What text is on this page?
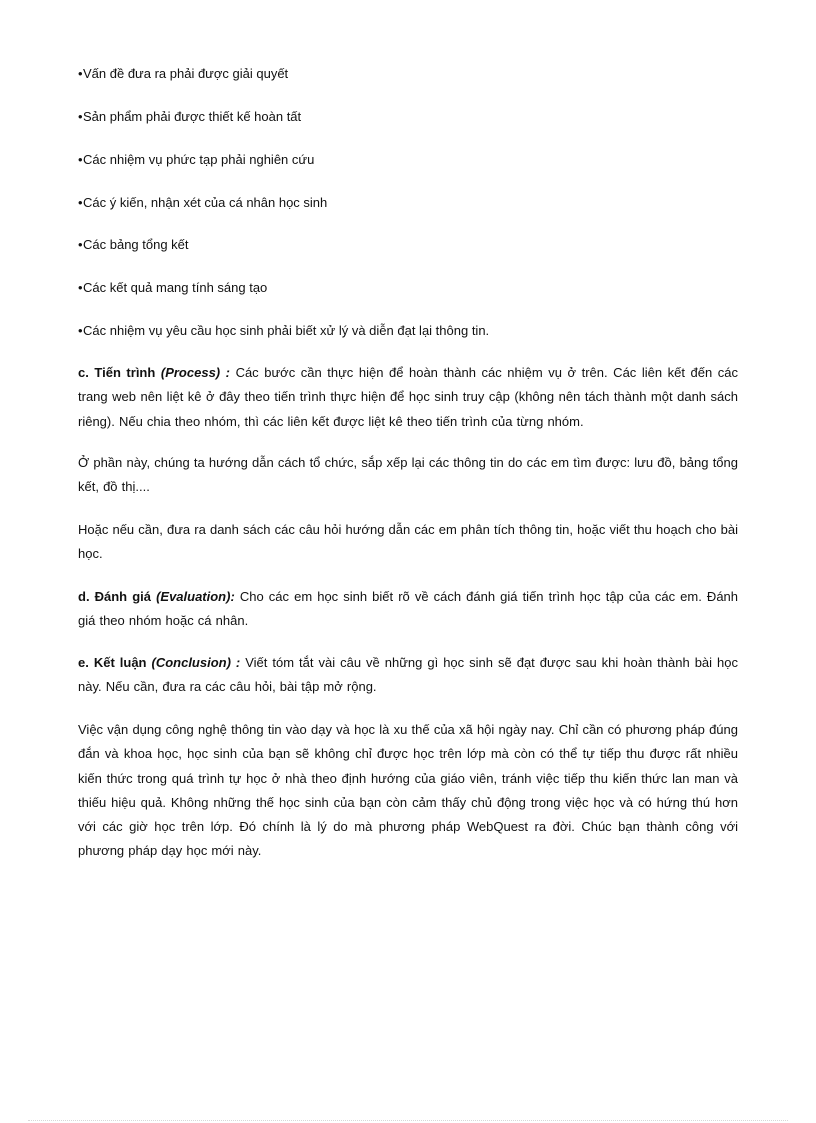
•Vấn đề đưa ra phải được giải quyết
•Sản phẩm phải được thiết kế hoàn tất
•Các nhiệm vụ phức tạp phải nghiên cứu
•Các ý kiến, nhận xét của cá nhân học sinh
•Các bảng tổng kết
•Các kết quả mang tính sáng tạo
•Các nhiệm vụ yêu cầu học sinh phải biết xử lý và diễn đạt lại thông tin.

c. Tiến trình (Process) : Các bước cần thực hiện để hoàn thành các nhiệm vụ ở trên. Các liên kết đến các trang web nên liệt kê ở đây theo tiến trình thực hiện để học sinh truy cập (không nên tách thành một danh sách riêng). Nếu chia theo nhóm, thì các liên kết được liệt kê theo tiến trình của từng nhóm.

Ở phần này, chúng ta hướng dẫn cách tổ chức, sắp xếp lại các thông tin do các em tìm được: lưu đồ, bảng tổng kết, đồ thị....

Hoặc nếu cần, đưa ra danh sách các câu hỏi hướng dẫn các em phân tích thông tin, hoặc viết thu hoạch cho bài học.

d. Đánh giá (Evaluation): Cho các em học sinh biết rõ về cách đánh giá tiến trình học tập của các em. Đánh giá theo nhóm hoặc cá nhân.

e. Kết luận (Conclusion) : Viết tóm tắt vài câu về những gì học sinh sẽ đạt được sau khi hoàn thành bài học này. Nếu cần, đưa ra các câu hỏi, bài tập mở rộng.

Việc vận dụng công nghệ thông tin vào dạy và học là xu thế của xã hội ngày nay. Chỉ cần có phương pháp đúng đắn và khoa học, học sinh của bạn sẽ không chỉ được học trên lớp mà còn có thể tự tiếp thu được rất nhiều kiến thức trong quá trình tự học ở nhà theo định hướng của giáo viên, tránh việc tiếp thu kiến thức lan man và thiếu hiệu quả. Không những thế học sinh của bạn còn cảm thấy chủ động trong việc học và có hứng thú hơn với các giờ học trên lớp. Đó chính là lý do mà phương pháp WebQuest ra đời. Chúc bạn thành công với phương pháp dạy học mới này.
